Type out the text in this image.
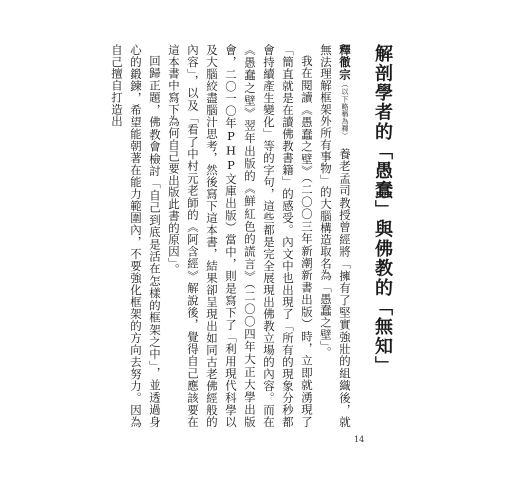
解剖學者的「愚蠢」與佛教的「無知」

釋徹宗（以下略稱為釋）　養老孟司教授曾經將「擁有了堅實強壯的組織後，就無法理解框架外所有事物」的大腦構造取名為「愚蠢之壁」。

我在閱讀《愚蠢之壁》（二〇〇三年新潮新書出版）時，立即就湧現了「簡直就是在讀佛教書籍」的感受。內文中也出現了「所有的現象分秒都會持續產生變化」等的字句，這些都是完全展現出佛教立場的內容。而在《愚蠢之壁》翌年出版的《鮮紅色的謊言》（二〇〇四年大正大學出版會，二〇一〇年PHP文庫出版）當中，則是寫下了「利用現代科學以及大腦絞盡腦汁思考，然後寫下這本書，結果卻呈現出如同古老佛經般的內容」，以及「看了中村元老師的《阿含經》解說後，覺得自己應該要在這本書中寫下為何自己要出版此書的原因」。

回歸正題，佛教會檢討「自己到底是活在怎樣的框架之中」，並透過身心的鍛鍊，希望能朝著在能力範圍內，不要強化框架的方向去努力。因為自己擅自打造出

14
